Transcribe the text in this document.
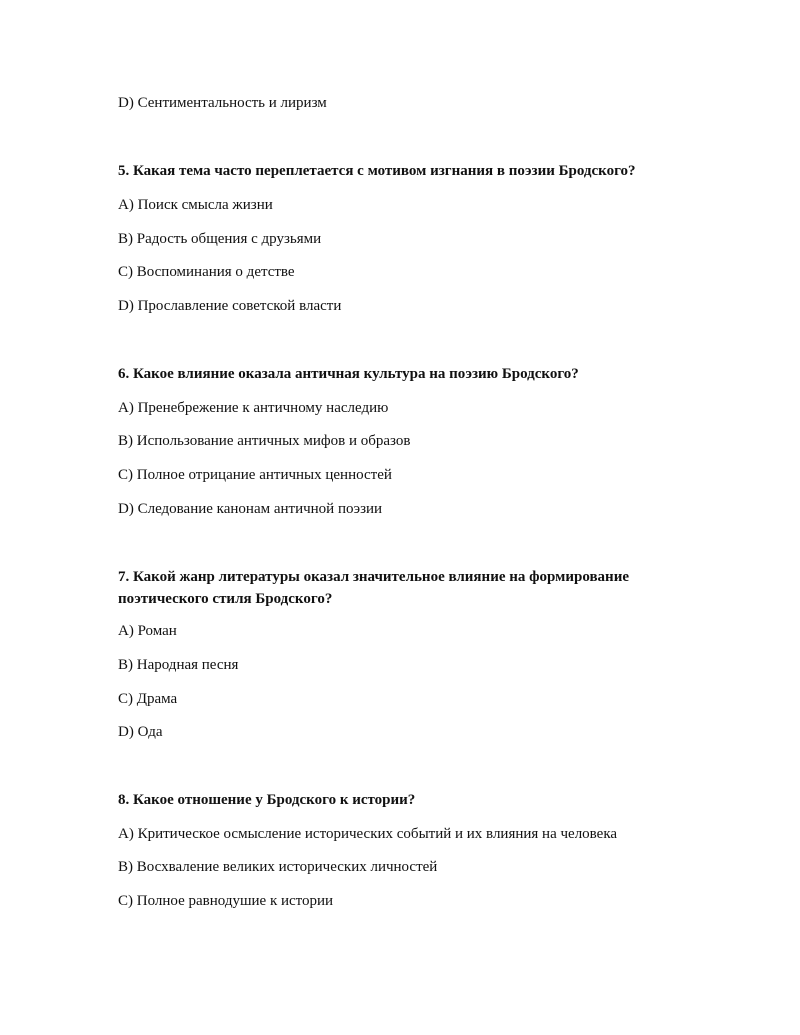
D) Сентиментальность и лиризм
5. Какая тема часто переплетается с мотивом изгнания в поэзии Бродского?
A) Поиск смысла жизни
B) Радость общения с друзьями
C) Воспоминания о детстве
D) Прославление советской власти
6. Какое влияние оказала античная культура на поэзию Бродского?
A) Пренебрежение к античному наследию
B) Использование античных мифов и образов
C) Полное отрицание античных ценностей
D) Следование канонам античной поэзии
7. Какой жанр литературы оказал значительное влияние на формирование поэтического стиля Бродского?
A) Роман
B) Народная песня
C) Драма
D) Ода
8. Какое отношение у Бродского к истории?
A) Критическое осмысление исторических событий и их влияния на человека
B) Восхваление великих исторических личностей
C) Полное равнодушие к истории
